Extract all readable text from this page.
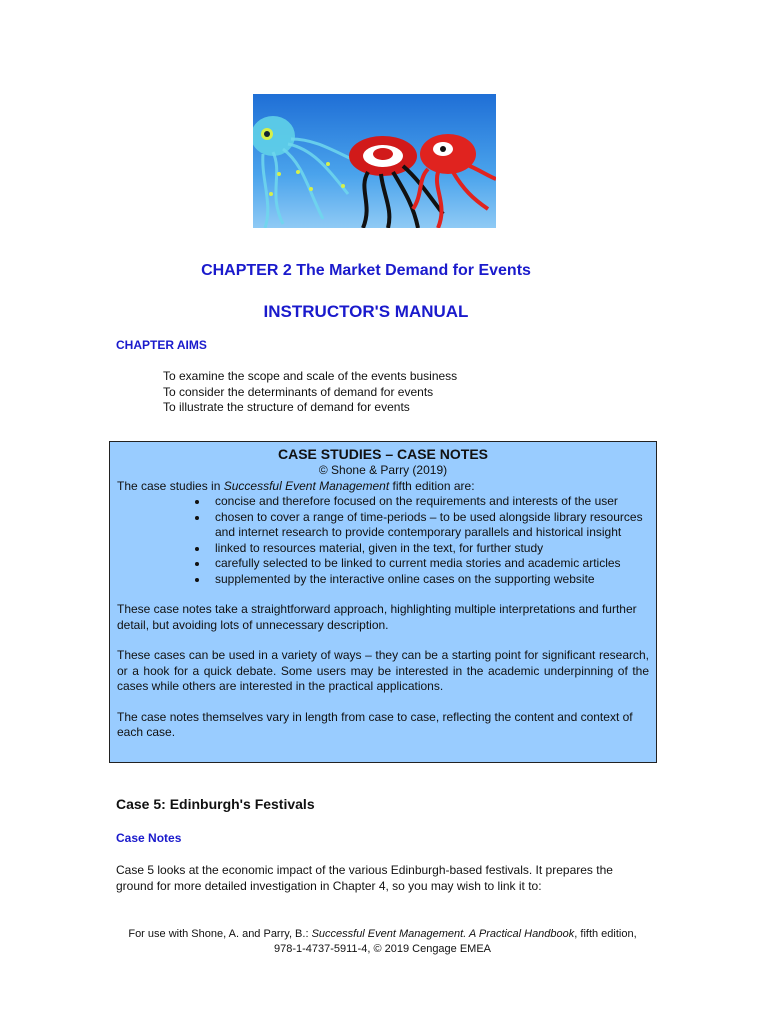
CHAPTER 2 The Market Demand for Events
INSTRUCTOR'S MANUAL
CHAPTER AIMS
To examine the scope and scale of the events business
To consider the determinants of demand for events
To illustrate the structure of demand for events
CASE STUDIES – CASE NOTES
© Shone & Parry (2019)
The case studies in Successful Event Management fifth edition are:
• concise and therefore focused on the requirements and interests of the user
• chosen to cover a range of time-periods – to be used alongside library resources and internet research to provide contemporary parallels and historical insight
• linked to resources material, given in the text, for further study
• carefully selected to be linked to current media stories and academic articles
• supplemented by the interactive online cases on the supporting website

These case notes take a straightforward approach, highlighting multiple interpretations and further detail, but avoiding lots of unnecessary description.

These cases can be used in a variety of ways – they can be a starting point for significant research, or a hook for a quick debate. Some users may be interested in the academic underpinning of the cases while others are interested in the practical applications.

The case notes themselves vary in length from case to case, reflecting the content and context of each case.

Case 5: Edinburgh's Festivals
Case Notes

Case 5 looks at the economic impact of the various Edinburgh-based festivals. It prepares the ground for more detailed investigation in Chapter 4, so you may wish to link it to:

For use with Shone, A. and Parry, B.: Successful Event Management. A Practical Handbook, fifth edition,
978-1-4737-5911-4, © 2019 Cengage EMEA
